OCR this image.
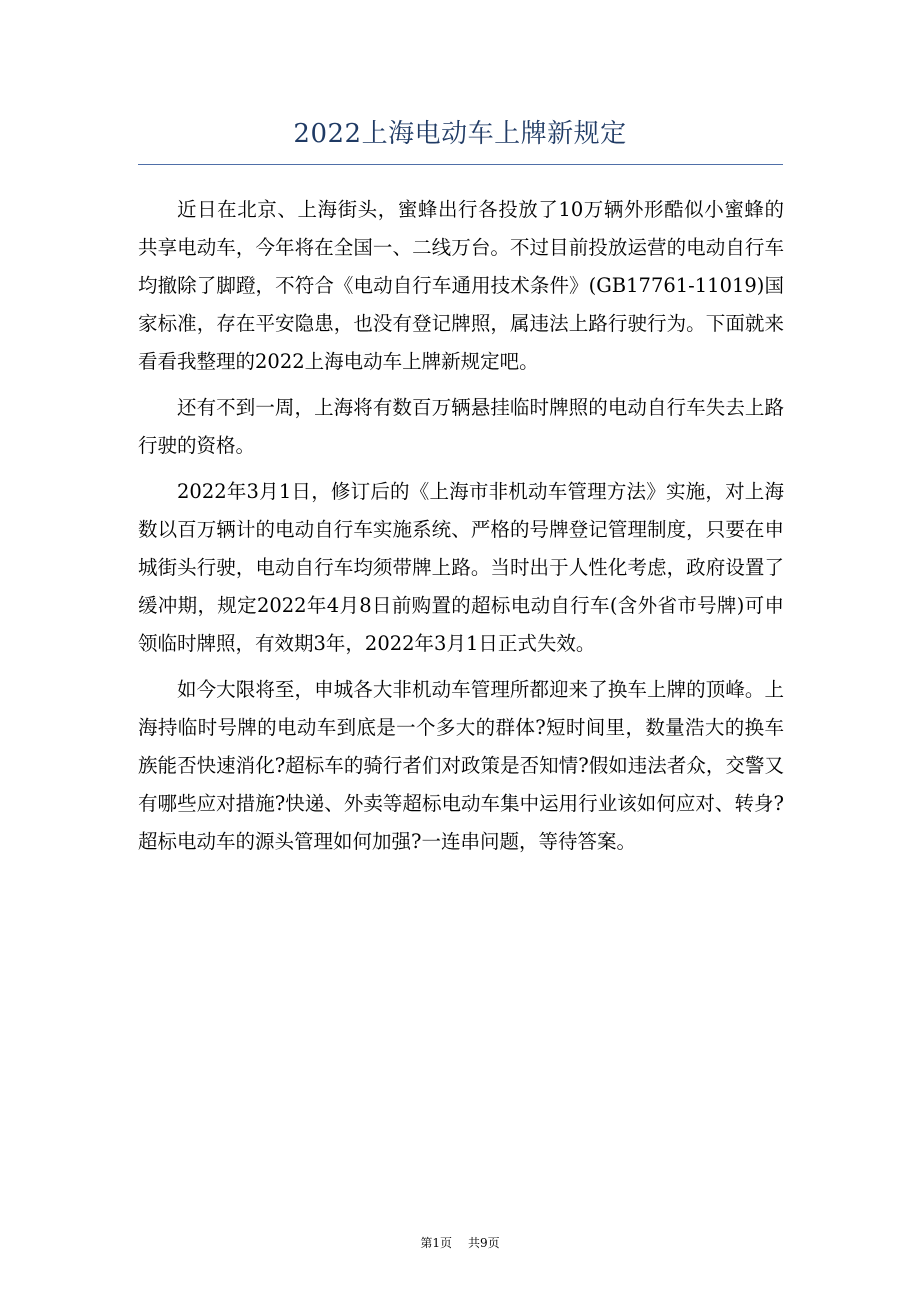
2022上海电动车上牌新规定

近日在北京、上海街头，蜜蜂出行各投放了10万辆外形酷似小蜜蜂的共享电动车，今年将在全国一、二线万台。不过目前投放运营的电动自行车均撤除了脚蹬，不符合《电动自行车通用技术条件》(GB17761-11019)国家标准，存在平安隐患，也没有登记牌照，属违法上路行驶行为。下面就来看看我整理的2022上海电动车上牌新规定吧。

还有不到一周，上海将有数百万辆悬挂临时牌照的电动自行车失去上路行驶的资格。

2022年3月1日，修订后的《上海市非机动车管理方法》实施，对上海数以百万辆计的电动自行车实施系统、严格的号牌登记管理制度，只要在申城街头行驶，电动自行车均须带牌上路。当时出于人性化考虑，政府设置了缓冲期，规定2022年4月8日前购置的超标电动自行车(含外省市号牌)可申领临时牌照，有效期3年，2022年3月1日正式失效。

如今大限将至，申城各大非机动车管理所都迎来了换车上牌的顶峰。上海持临时号牌的电动车到底是一个多大的群体?短时间里，数量浩大的换车族能否快速消化?超标车的骑行者们对政策是否知情?假如违法者众，交警又有哪些应对措施?快递、外卖等超标电动车集中运用行业该如何应对、转身?超标电动车的源头管理如何加强?一连串问题，等待答案。

第1页 共9页
